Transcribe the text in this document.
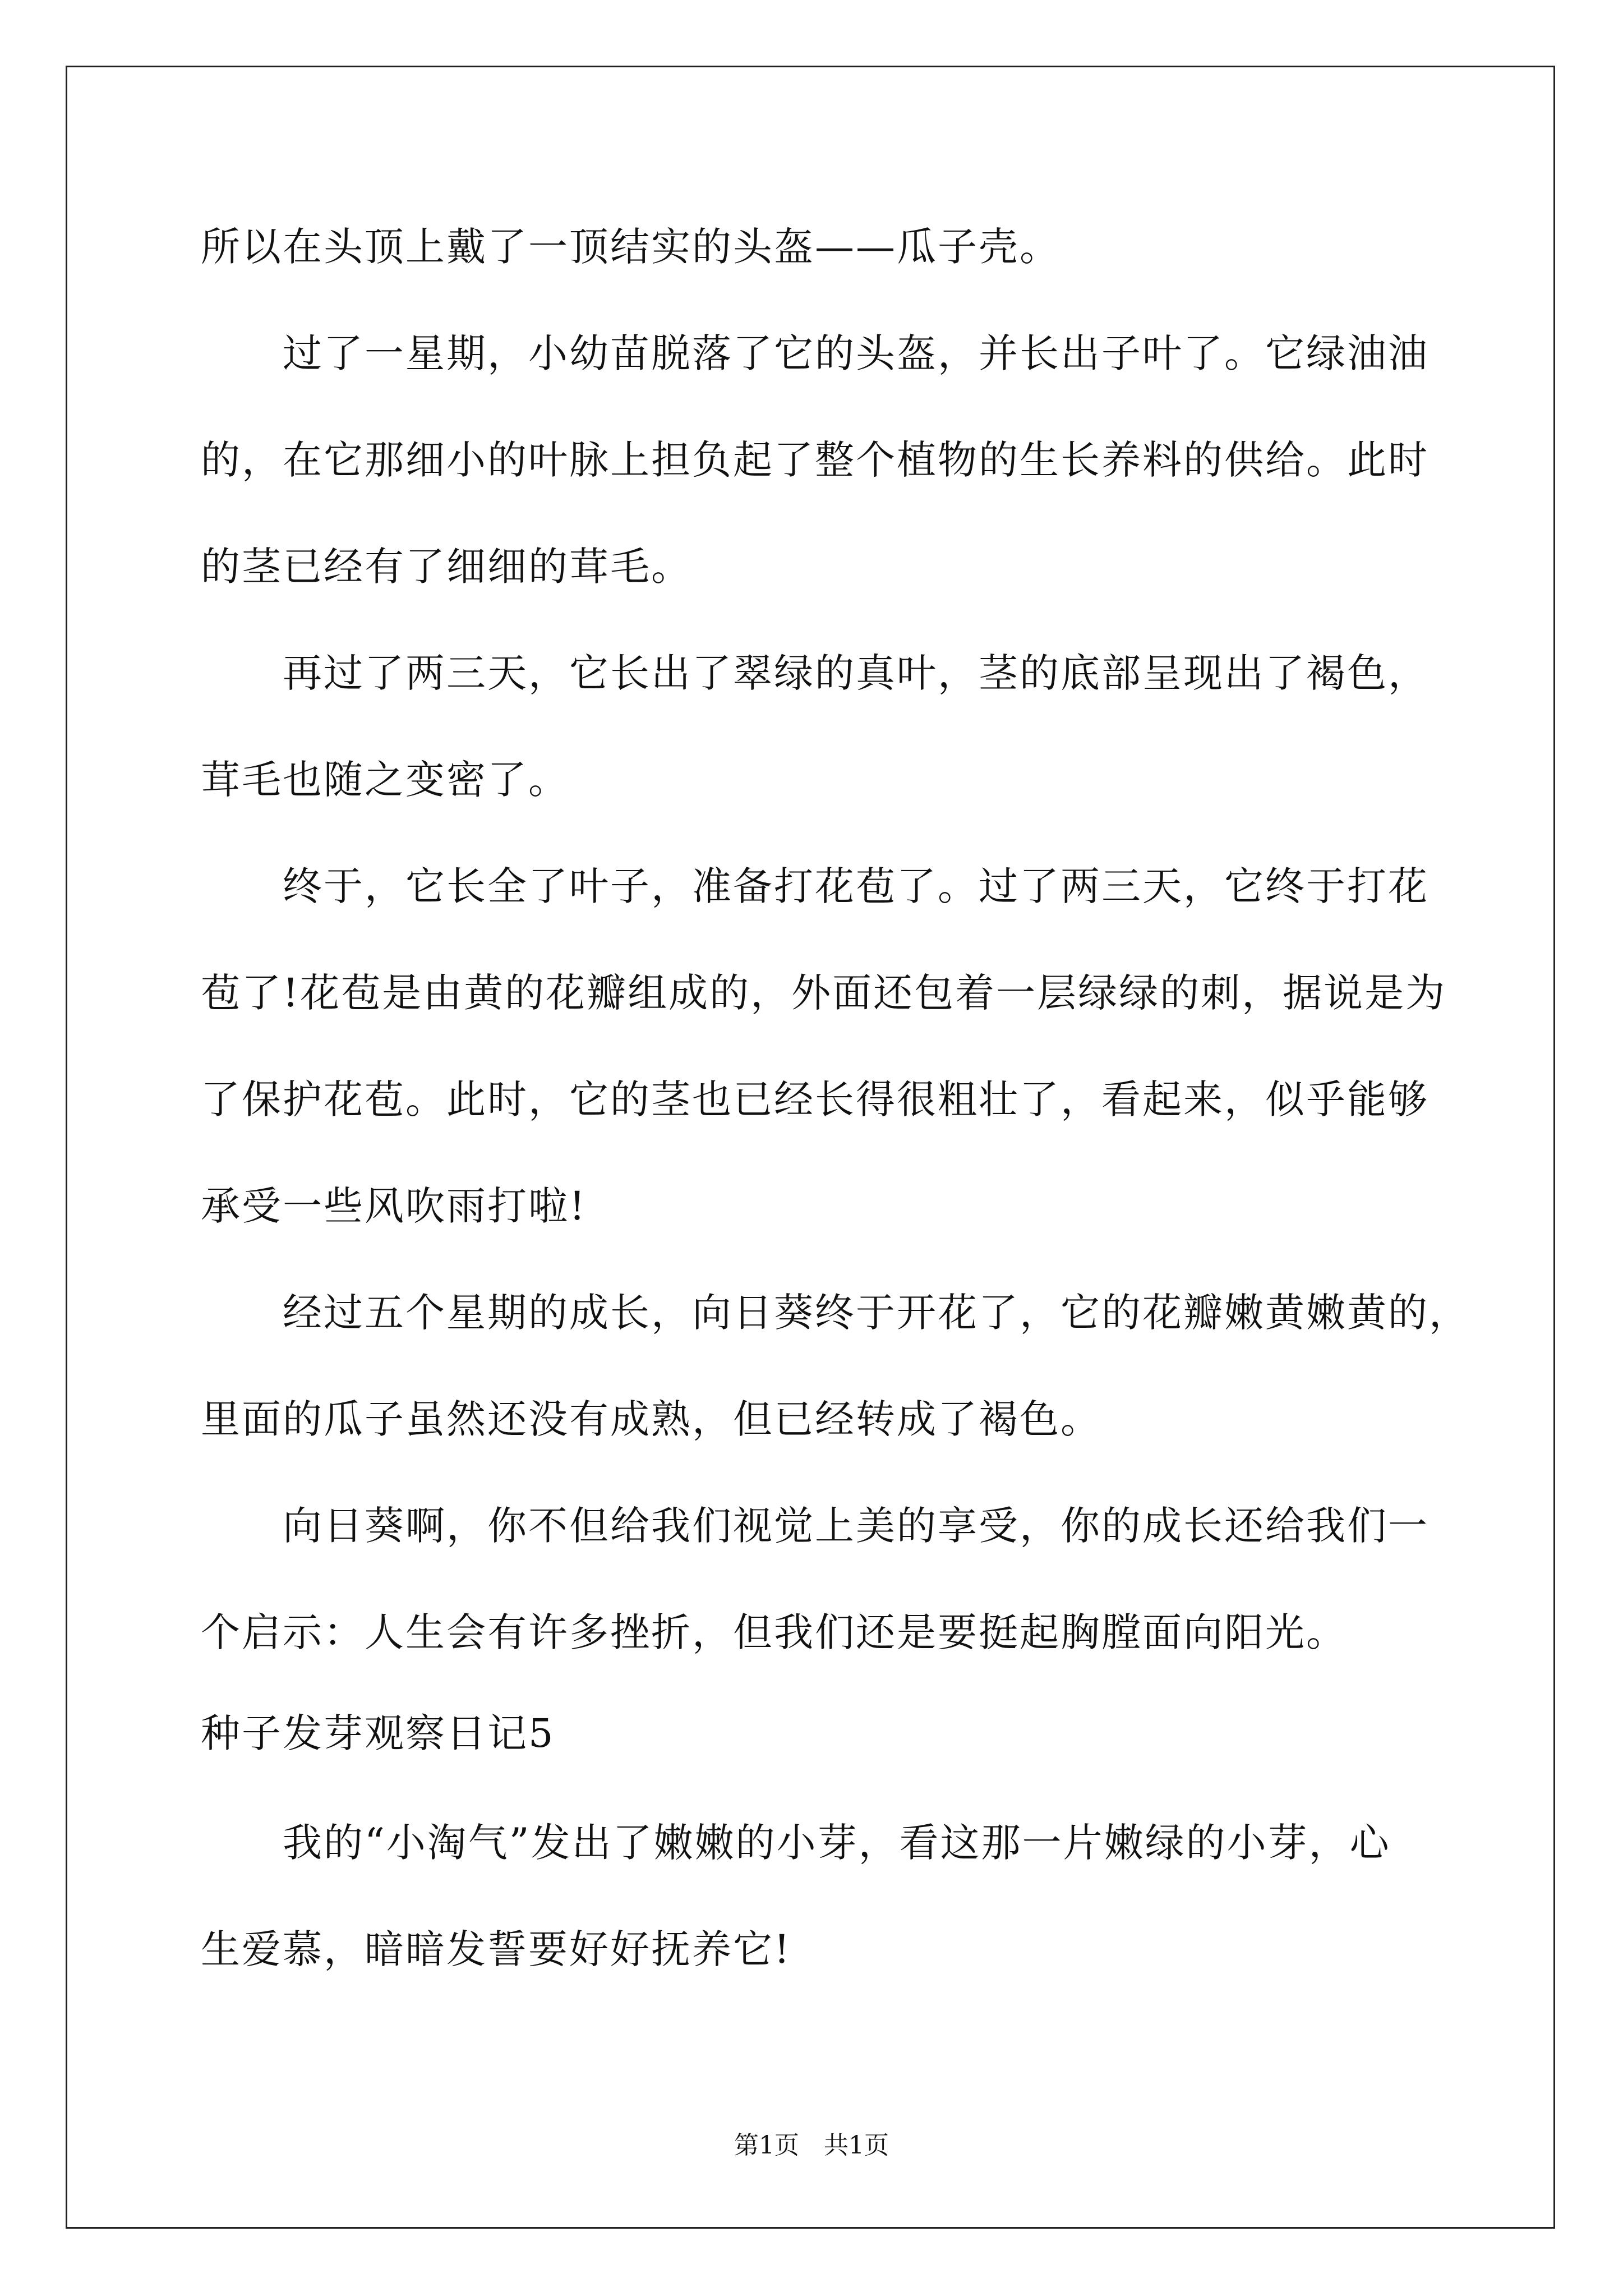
所以在头顶上戴了一顶结实的头盔——瓜子壳。
过了一星期，小幼苗脱落了它的头盔，并长出子叶了。它绿油油
的，在它那细小的叶脉上担负起了整个植物的生长养料的供给。此时
的茎已经有了细细的茸毛。
再过了两三天，它长出了翠绿的真叶，茎的底部呈现出了褐色，
茸毛也随之变密了。
终于，它长全了叶子，准备打花苞了。过了两三天，它终于打花
苞了!花苞是由黄的花瓣组成的，外面还包着一层绿绿的刺，据说是为
了保护花苞。此时，它的茎也已经长得很粗壮了，看起来，似乎能够
承受一些风吹雨打啦!
经过五个星期的成长，向日葵终于开花了，它的花瓣嫩黄嫩黄的，
里面的瓜子虽然还没有成熟，但已经转成了褐色。
向日葵啊，你不但给我们视觉上美的享受，你的成长还给我们一
个启示：人生会有许多挫折，但我们还是要挺起胸膛面向阳光。
种子发芽观察日记5
我的“小淘气”发出了嫩嫩的小芽，看这那一片嫩绿的小芽，心
生爱慕，暗暗发誓要好好抚养它!
第1页　共1页
